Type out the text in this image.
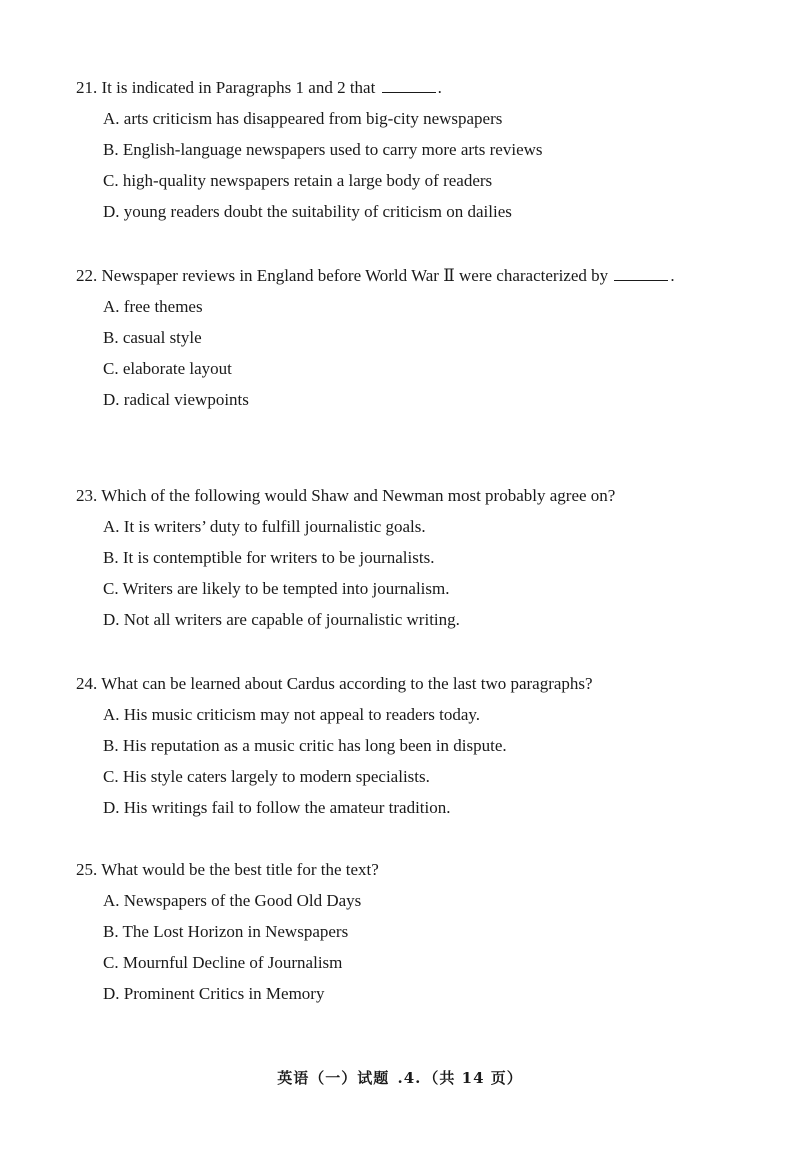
21. It is indicated in Paragraphs 1 and 2 that	.
A. arts criticism has disappeared from big-city newspapers
B. English-language newspapers used to carry more arts reviews
C. high-quality newspapers retain a large body of readers
D. young readers doubt the suitability of criticism on dailies
22. Newspaper reviews in England before World War Ⅱ were characterized by	.
A. free themes
B. casual style
C. elaborate layout
D. radical viewpoints
23. Which of the following would Shaw and Newman most probably agree on?
A. It is writers’ duty to fulfill journalistic goals.
B. It is contemptible for writers to be journalists.
C. Writers are likely to be tempted into journalism.
D. Not all writers are capable of journalistic writing.
24. What can be learned about Cardus according to the last two paragraphs?
A. His music criticism may not appeal to readers today.
B. His reputation as a music critic has long been in dispute.
C. His style caters largely to modern specialists.
D. His writings fail to follow the amateur tradition.
25. What would be the best title for the text?
A. Newspapers of the Good Old Days
B. The Lost Horizon in Newspapers
C. Mournful Decline of Journalism
D. Prominent Critics in Memory
英语（一）试题 .4. （共 14 页）
